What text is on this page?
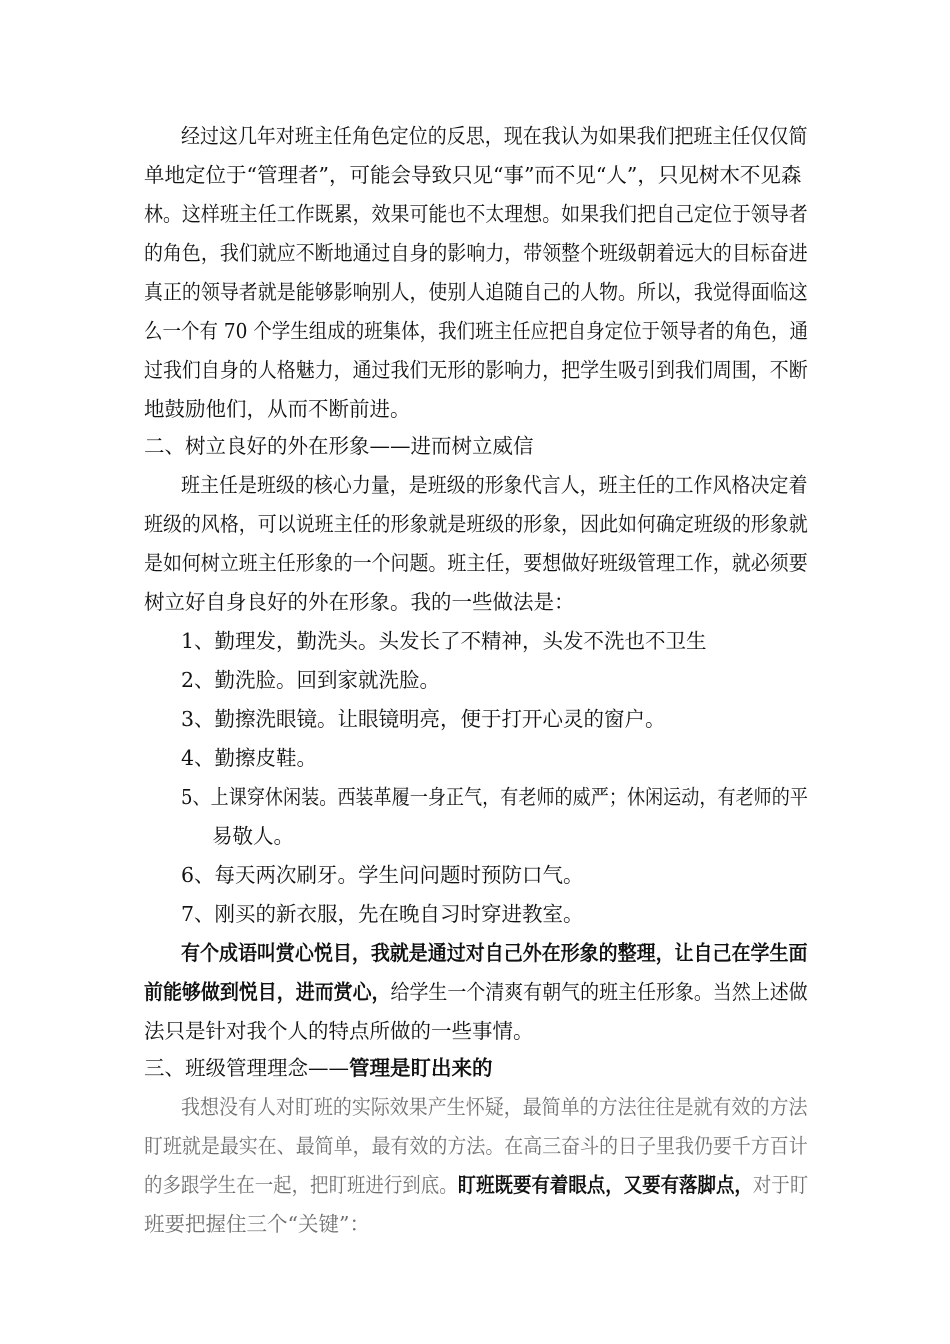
经过这几年对班主任角色定位的反思，现在我认为如果我们把班主任仅仅简
单地定位于“管理者”，可能会导致只见“事”而不见“人”，只见树木不见森
林。这样班主任工作既累，效果可能也不太理想。如果我们把自己定位于领导者
的角色，我们就应不断地通过自身的影响力，带领整个班级朝着远大的目标奋进
真正的领导者就是能够影响别人，使别人追随自己的人物。所以，我觉得面临这
么一个有 70 个学生组成的班集体，我们班主任应把自身定位于领导者的角色，通
过我们自身的人格魅力，通过我们无形的影响力，把学生吸引到我们周围，不断
地鼓励他们，从而不断前进。
二、树立良好的外在形象——进而树立威信
班主任是班级的核心力量，是班级的形象代言人，班主任的工作风格决定着
班级的风格，可以说班主任的形象就是班级的形象，因此如何确定班级的形象就
是如何树立班主任形象的一个问题。班主任，要想做好班级管理工作，就必须要
树立好自身良好的外在形象。我的一些做法是：
1、勤理发，勤洗头。头发长了不精神，头发不洗也不卫生
2、勤洗脸。回到家就洗脸。
3、勤擦洗眼镜。让眼镜明亮，便于打开心灵的窗户。
4、勤擦皮鞋。
5、上课穿休闲装。西装革履一身正气，有老师的威严；休闲运动，有老师的平
易敬人。
6、每天两次刷牙。学生问问题时预防口气。
7、刚买的新衣服，先在晚自习时穿进教室。
有个成语叫赏心悦目，我就是通过对自己外在形象的整理，让自己在学生面
前能够做到悦目，进而赏心，给学生一个清爽有朝气的班主任形象。当然上述做
法只是针对我个人的特点所做的一些事情。
三、班级管理理念——管理是盯出来的
我想没有人对盯班的实际效果产生怀疑，最简单的方法往往是就有效的方法
盯班就是最实在、最简单，最有效的方法。在高三奋斗的日子里我仍要千方百计
的多跟学生在一起，把盯班进行到底。盯班既要有着眼点，又要有落脚点，对于盯
班要把握住三个“关键”：
